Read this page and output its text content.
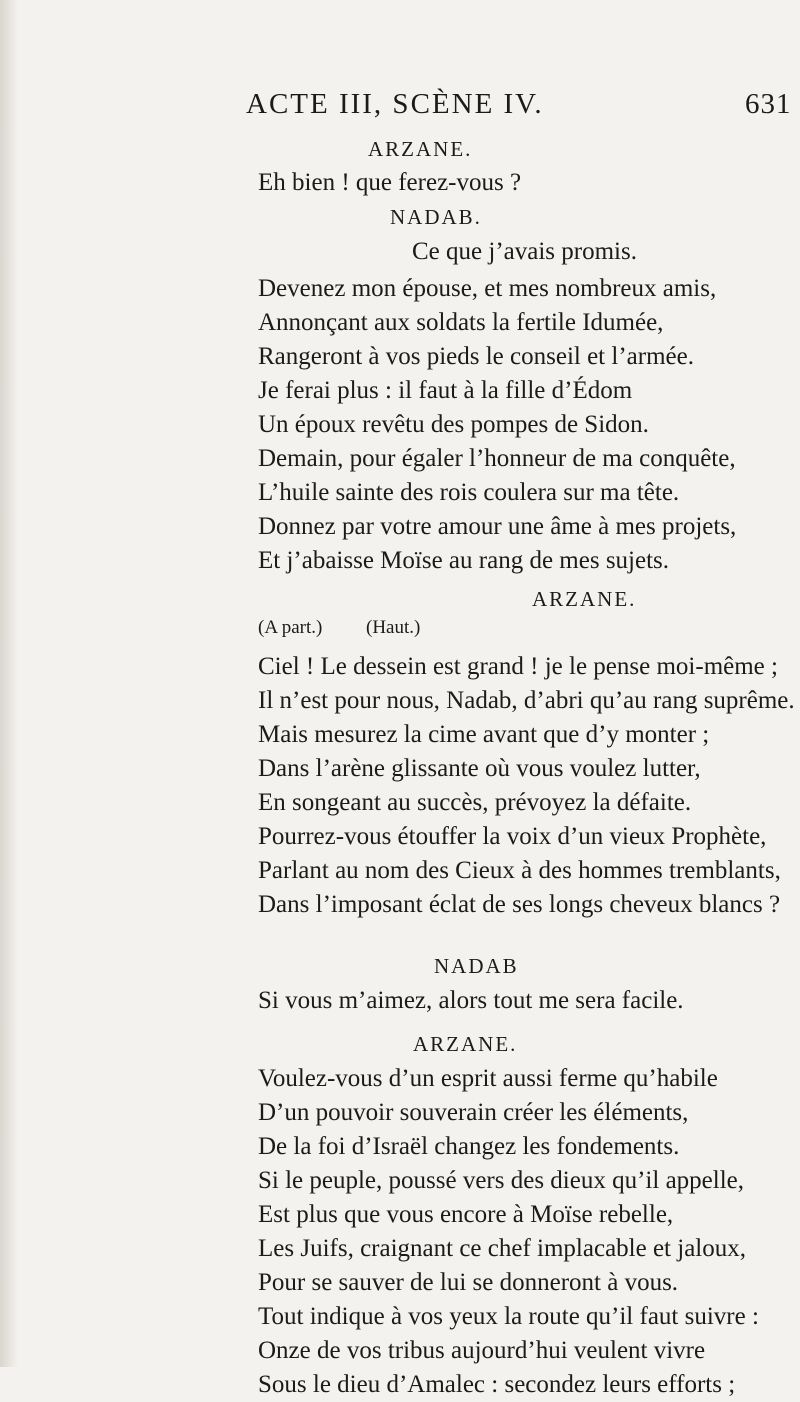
ACTE III, SCÈNE IV.	631
ARZANE.
Eh bien ! que ferez-vous ?
NADAB.
Ce que j’avais promis.
Devenez mon épouse, et mes nombreux amis,
Annonçant aux soldats la fertile Idumée,
Rangeront à vos pieds le conseil et l’armée.
Je ferai plus : il faut à la fille d’Édom
Un époux revêtu des pompes de Sidon.
Demain, pour égaler l’honneur de ma conquête,
L’huile sainte des rois coulera sur ma tête.
Donnez par votre amour une âme à mes projets,
Et j’abaisse Moïse au rang de mes sujets.
ARZANE.
(A part.) (Haut.)
Ciel ! Le dessein est grand ! je le pense moi-même ;
Il n’est pour nous, Nadab, d’abri qu’au rang suprême.
Mais mesurez la cime avant que d’y monter ;
Dans l’arène glissante où vous voulez lutter,
En songeant au succès, prévoyez la défaite.
Pourrez-vous étouffer la voix d’un vieux Prophète,
Parlant au nom des Cieux à des hommes tremblants,
Dans l’imposant éclat de ses longs cheveux blancs ?
NADAB
Si vous m’aimez, alors tout me sera facile.
ARZANE.
Voulez-vous d’un esprit aussi ferme qu’habile
D’un pouvoir souverain créer les éléments,
De la foi d’Israël changez les fondements.
Si le peuple, poussé vers des dieux qu’il appelle,
Est plus que vous encore à Moïse rebelle,
Les Juifs, craignant ce chef implacable et jaloux,
Pour se sauver de lui se donneront à vous.
Tout indique à vos yeux la route qu’il faut suivre :
Onze de vos tribus aujourd’hui veulent vivre
Sous le dieu d’Amalec : secondez leurs efforts ;
